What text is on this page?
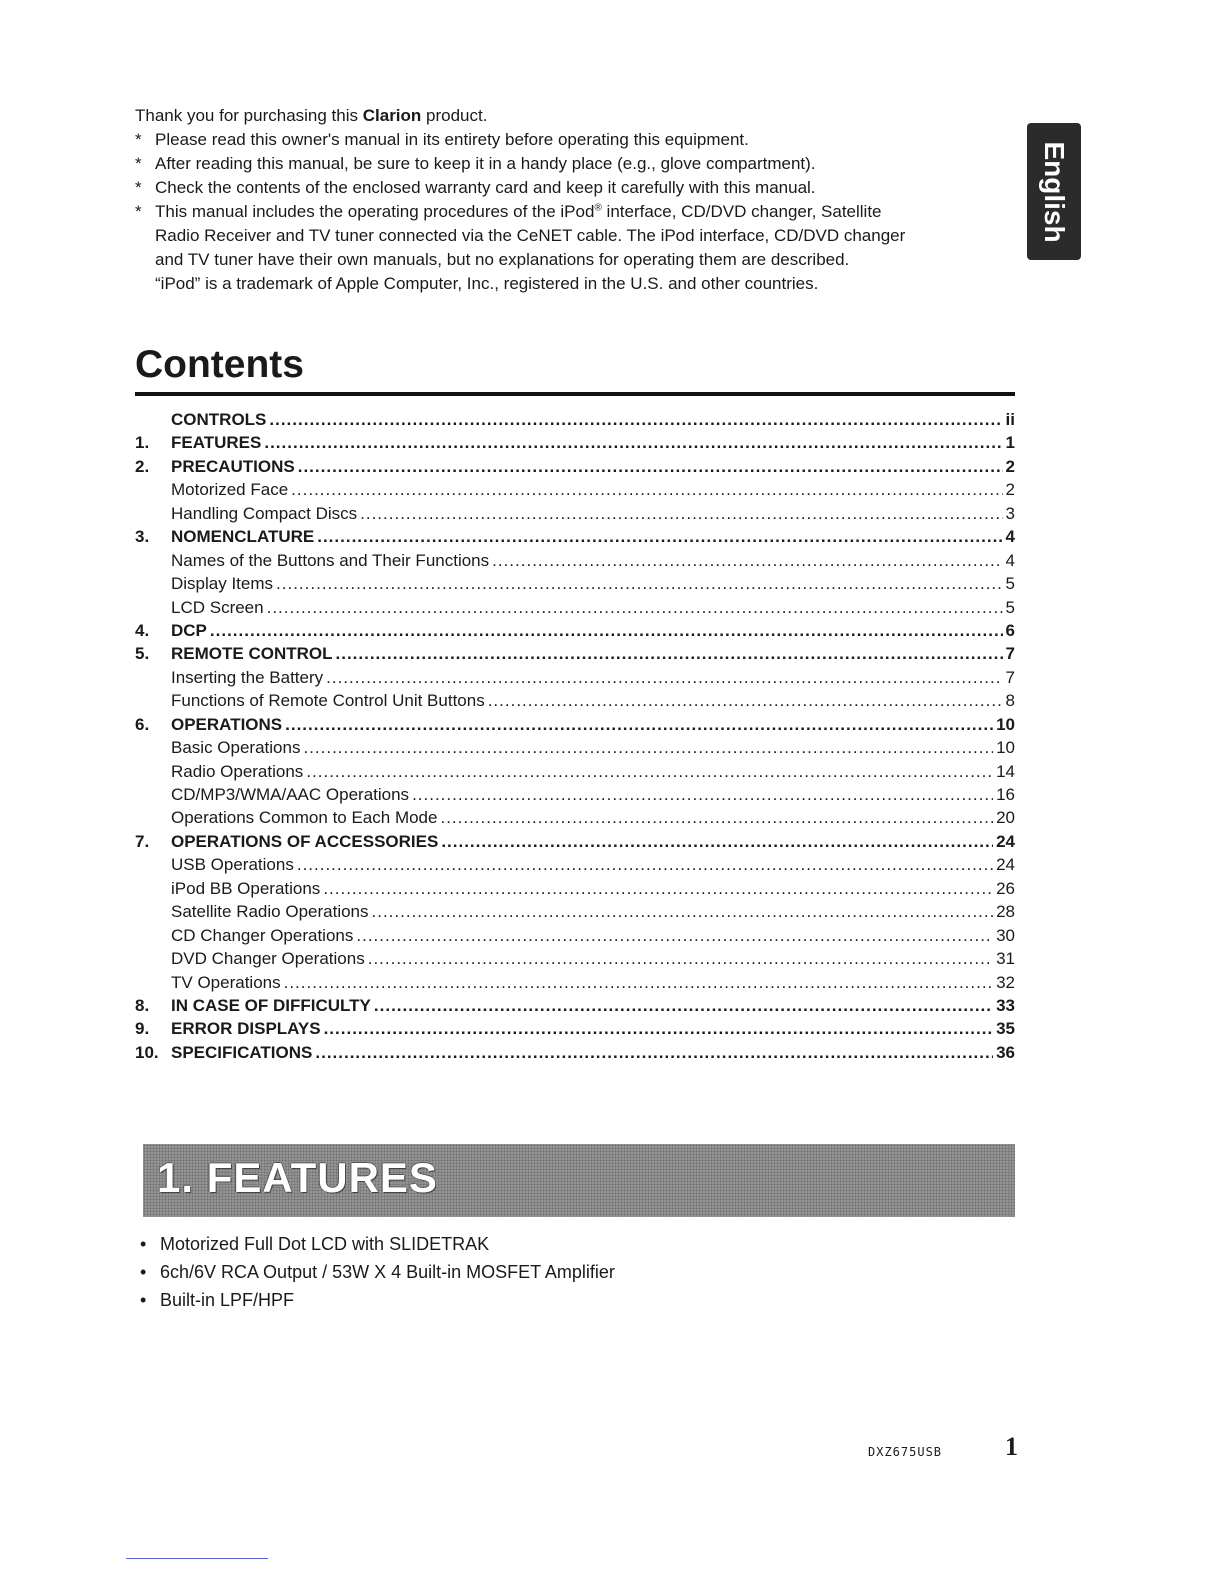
Thank you for purchasing this Clarion product.

* Please read this owner's manual in its entirety before operating this equipment.

* After reading this manual, be sure to keep it in a handy place (e.g., glove compartment).

* Check the contents of the enclosed warranty card and keep it carefully with this manual.

* This manual includes the operating procedures of the iPod® interface, CD/DVD changer, Satellite
Radio Receiver and TV tuner connected via the CeNET cable. The iPod interface, CD/DVD changer
and TV tuner have their own manuals, but no explanations for operating them are described.
“iPod” is a trademark of Apple Computer, Inc., registered in the U.S. and other countries.

English
Contents
CONTROLS .....	ii
1.	FEATURES .....	1
2.	PRECAUTIONS .....	2
Motorized Face .....	2
Handling Compact Discs .....	3
3.	NOMENCLATURE .....	4
Names of the Buttons and Their Functions .....	4
Display Items .....	5
LCD Screen .....	5
4.	DCP .....	6
5.	REMOTE CONTROL .....	7
Inserting the Battery .....	7
Functions of Remote Control Unit Buttons .....	8
6.	OPERATIONS .....	10
Basic Operations .....	10
Radio Operations .....	14
CD/MP3/WMA/AAC Operations .....	16
Operations Common to Each Mode .....	20
7.	OPERATIONS OF ACCESSORIES .....	24
USB Operations .....	24
iPod BB Operations .....	26
Satellite Radio Operations .....	28
CD Changer Operations .....	30
DVD Changer Operations .....	31
TV Operations .....	32
8.	IN CASE OF DIFFICULTY .....	33
9.	ERROR DISPLAYS .....	35
10. SPECIFICATIONS .....	36
1. FEATURES
• Motorized Full Dot LCD with SLIDETRAK
• 6ch/6V RCA Output / 53W X 4 Built-in MOSFET Amplifier
• Built-in LPF/HPF
DXZ675USB 1
